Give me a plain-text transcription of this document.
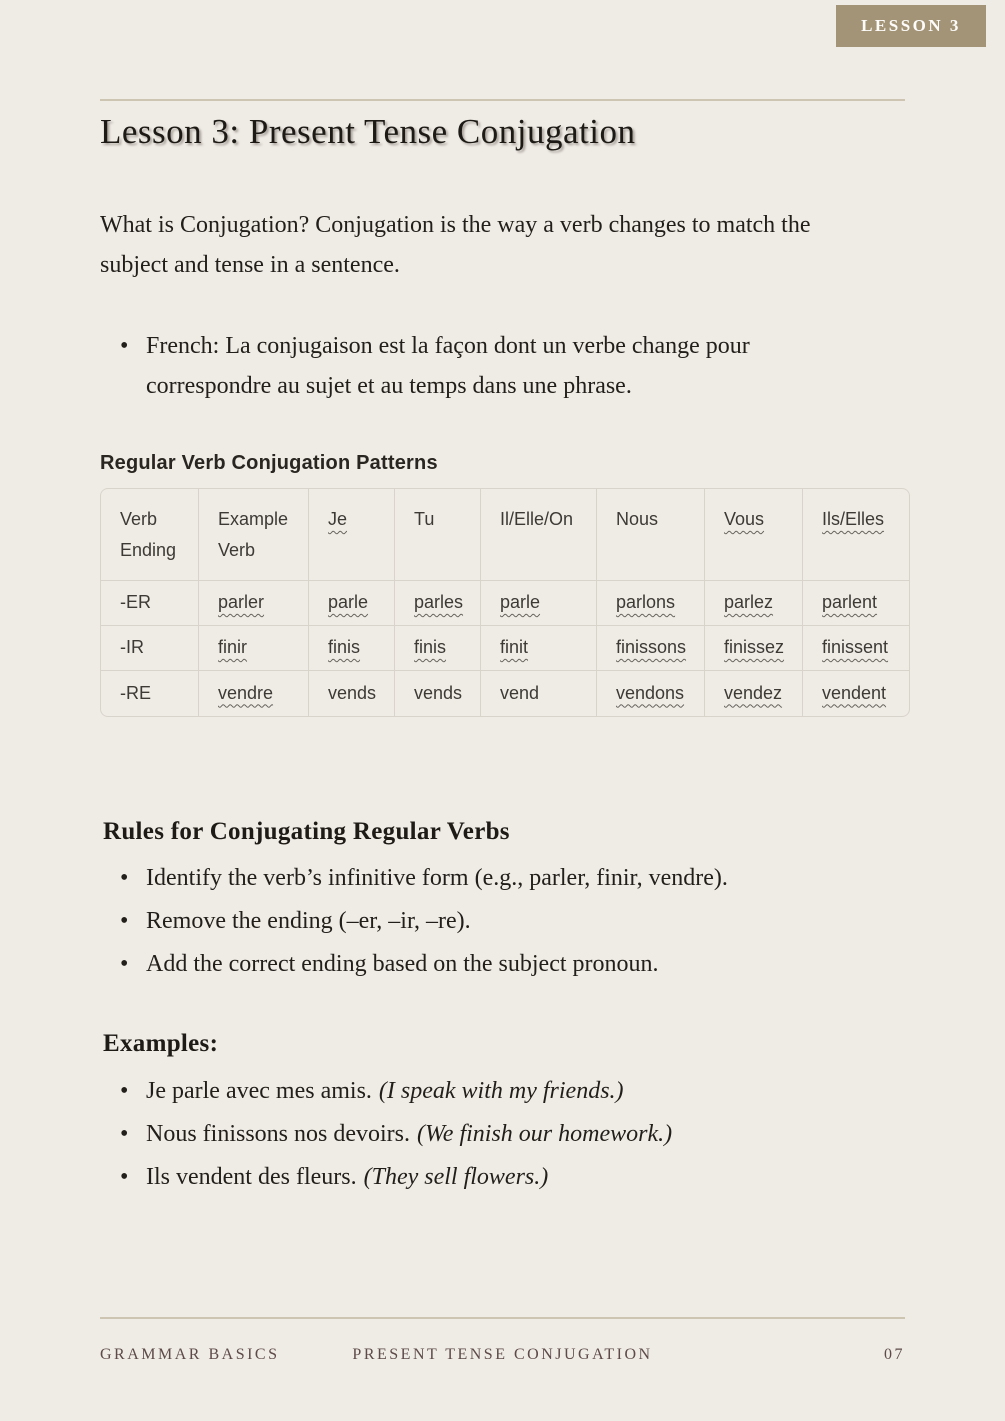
LESSON 3
Lesson 3: Present Tense Conjugation

What is Conjugation? Conjugation is the way a verb changes to match the subject and tense in a sentence.

• French: La conjugaison est la façon dont un verbe change pour correspondre au sujet et au temps dans une phrase.
Regular Verb Conjugation Patterns
Verb Ending	Example Verb	Je	Tu	Il/Elle/On	Nous	Vous	Ils/Elles
-ER	parler	parle	parles	parle	parlons	parlez	parlent
-IR	finir	finis	finis	finit	finissons	finissez	finissent
-RE	vendre	vends	vends	vend	vendons	vendez	vendent
Rules for Conjugating Regular Verbs
• Identify the verb’s infinitive form (e.g., parler, finir, vendre).
• Remove the ending (–er, –ir, –re).
• Add the correct ending based on the subject pronoun.
Examples:
• Je parle avec mes amis. (I speak with my friends.)
• Nous finissons nos devoirs. (We finish our homework.)
• Ils vendent des fleurs. (They sell flowers.)
GRAMMAR BASICS	PRESENT TENSE CONJUGATION	07
